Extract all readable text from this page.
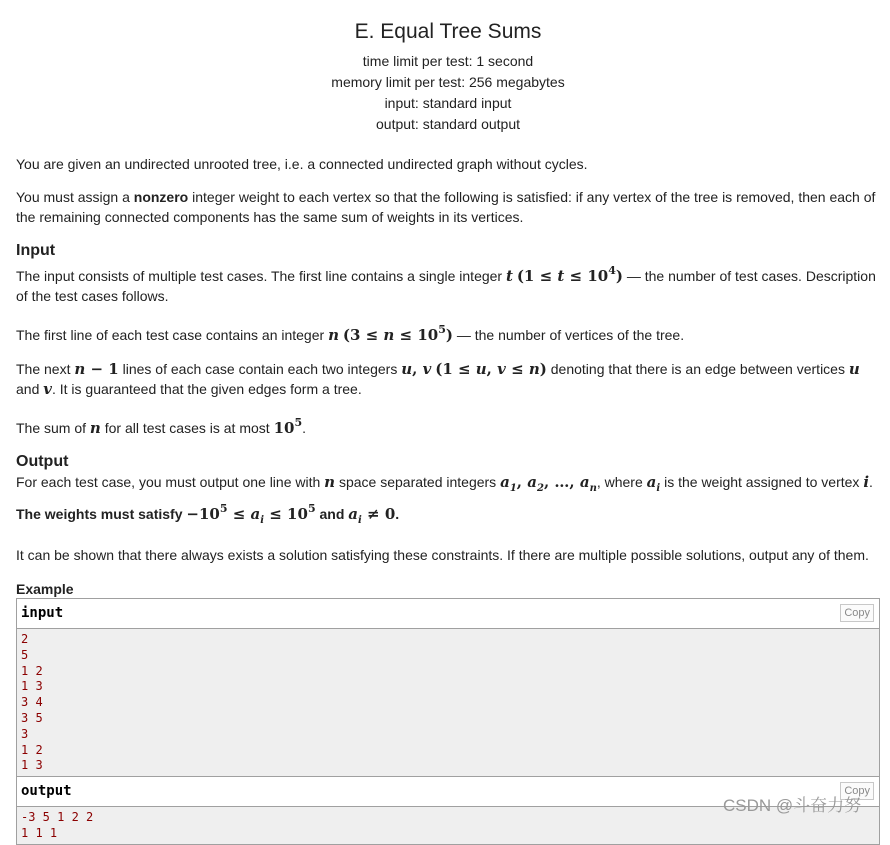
E. Equal Tree Sums
time limit per test: 1 second
memory limit per test: 256 megabytes
input: standard input
output: standard output

You are given an undirected unrooted tree, i.e. a connected undirected graph without cycles.

You must assign a nonzero integer weight to each vertex so that the following is satisfied: if any vertex of the tree is removed, then each of the remaining connected components has the same sum of weights in its vertices.

Input

The input consists of multiple test cases. The first line contains a single integer t $(1 \le t \le 10^4)$ — the number of test cases. Description of the test cases follows.

The first line of each test case contains an integer n $(3 \le n \le 10^5)$ — the number of vertices of the tree.

The next n − 1 lines of each case contain each two integers u, v (1 ≤ u, v ≤ n) denoting that there is an edge between vertices u and v. It is guaranteed that the given edges form a tree.

The sum of n for all test cases is at most $10^5$.

Output

For each test case, you must output one line with n space separated integers $a_1$, $a_2$, …, $a_n$, where $a_i$ is the weight assigned to vertex i. The weights must satisfy $-10^5 \le a_i \le 10^5$ and $a_i \ne 0$.

It can be shown that there always exists a solution satisfying these constraints. If there are multiple possible solutions, output any of them.

Example
input	Copy
2
5
1 2
1 3
3 4
3 5
3
1 2
1 3
output	Copy
-3 5 1 2 2
1 1 1
CSDN @斗奋力努
